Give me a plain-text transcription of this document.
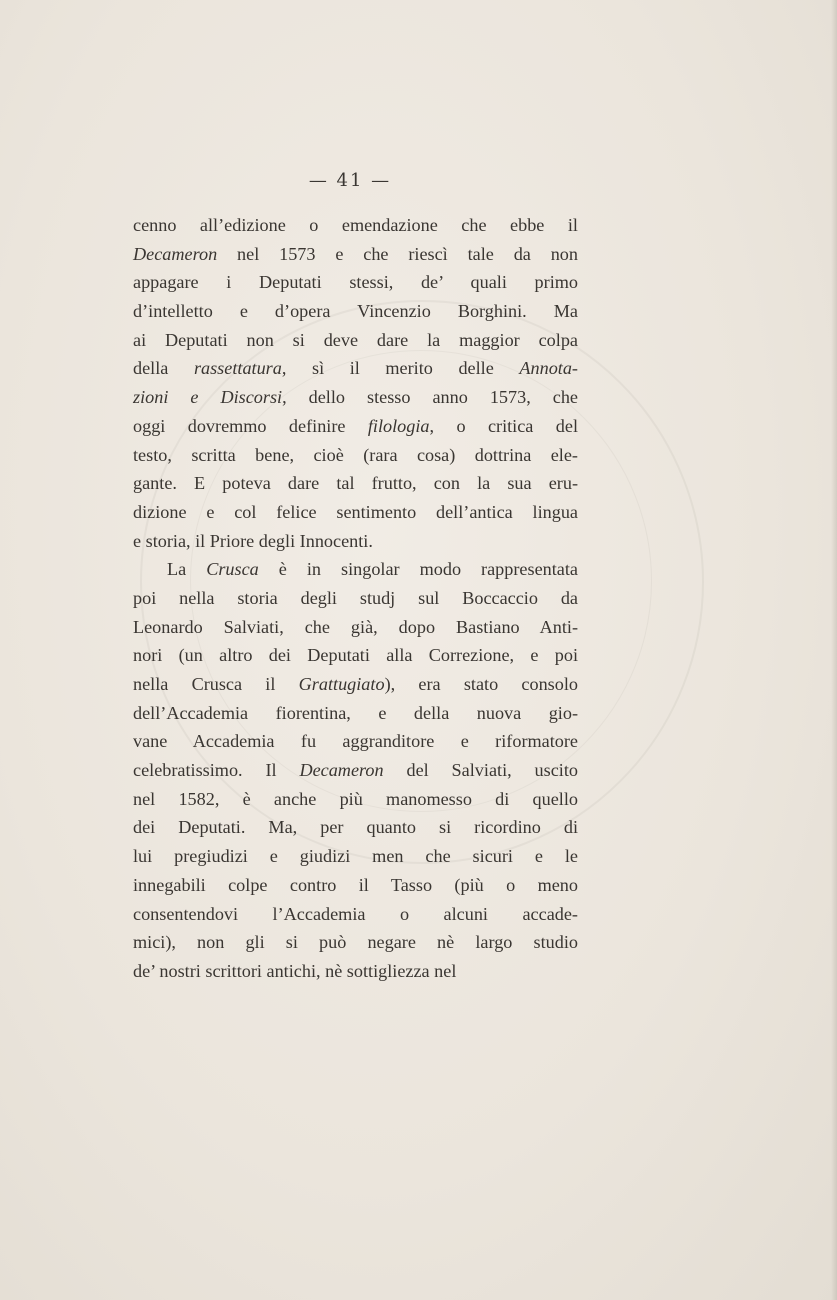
— 41 —
cenno all’edizione o emendazione che ebbe il
Decameron nel 1573 e che riescì tale da non
appagare i Deputati stessi, de’ quali primo
d’intelletto e d’opera Vincenzio Borghini. Ma
ai Deputati non si deve dare la maggior colpa
della rassettatura, sì il merito delle Annota-
zioni e Discorsi, dello stesso anno 1573, che
oggi dovremmo definire filologia, o critica del
testo, scritta bene, cioè (rara cosa) dottrina ele-
gante. E poteva dare tal frutto, con la sua eru-
dizione e col felice sentimento dell’antica lingua
e storia, il Priore degli Innocenti.
La Crusca è in singolar modo rappresentata
poi nella storia degli studj sul Boccaccio da
Leonardo Salviati, che già, dopo Bastiano Anti-
nori (un altro dei Deputati alla Correzione, e poi
nella Crusca il Grattugiato), era stato consolo
dell’Accademia fiorentina, e della nuova gio-
vane Accademia fu aggranditore e riformatore
celebratissimo. Il Decameron del Salviati, uscito
nel 1582, è anche più manomesso di quello
dei Deputati. Ma, per quanto si ricordino di
lui pregiudizi e giudizi men che sicuri e le
innegabili colpe contro il Tasso (più o meno
consentendovi l’Accademia o alcuni accade-
mici), non gli si può negare nè largo studio
de’ nostri scrittori antichi, nè sottigliezza nel
